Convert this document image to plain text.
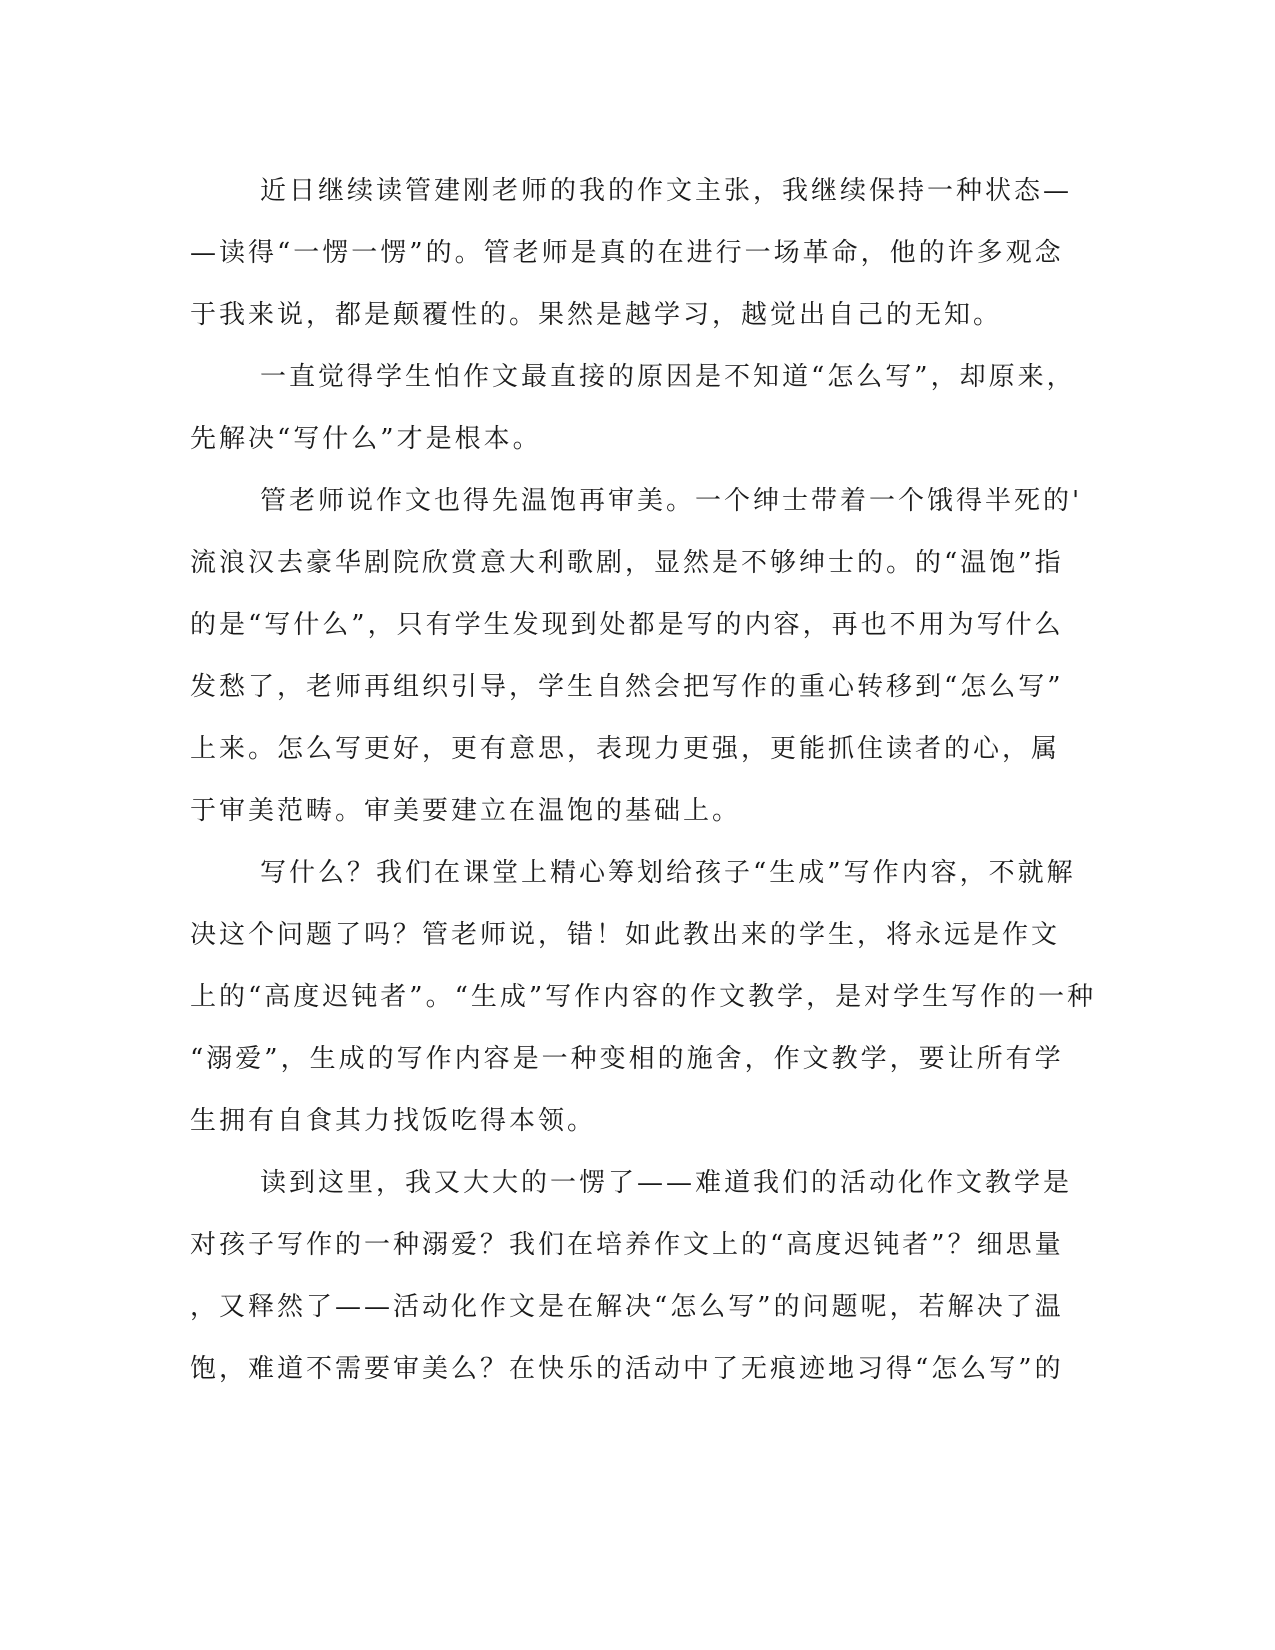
近日继续读管建刚老师的我的作文主张，我继续保持一种状态—
—读得“一愣一愣”的。管老师是真的在进行一场革命，他的许多观念
于我来说，都是颠覆性的。果然是越学习，越觉出自己的无知。
一直觉得学生怕作文最直接的原因是不知道“怎么写”，却原来，
先解决“写什么”才是根本。
管老师说作文也得先温饱再审美。一个绅士带着一个饿得半死的'
流浪汉去豪华剧院欣赏意大利歌剧，显然是不够绅士的。的“温饱”指
的是“写什么”，只有学生发现到处都是写的内容，再也不用为写什么
发愁了，老师再组织引导，学生自然会把写作的重心转移到“怎么写”
上来。怎么写更好，更有意思，表现力更强，更能抓住读者的心，属
于审美范畴。审美要建立在温饱的基础上。
写什么？我们在课堂上精心筹划给孩子“生成”写作内容，不就解
决这个问题了吗？管老师说，错！如此教出来的学生，将永远是作文
上的“高度迟钝者”。“生成”写作内容的作文教学，是对学生写作的一种
“溺爱”，生成的写作内容是一种变相的施舍，作文教学，要让所有学
生拥有自食其力找饭吃得本领。
读到这里，我又大大的一愣了——难道我们的活动化作文教学是
对孩子写作的一种溺爱？我们在培养作文上的“高度迟钝者”？细思量
，又释然了——活动化作文是在解决“怎么写”的问题呢，若解决了温
饱，难道不需要审美么？在快乐的活动中了无痕迹地习得“怎么写”的
